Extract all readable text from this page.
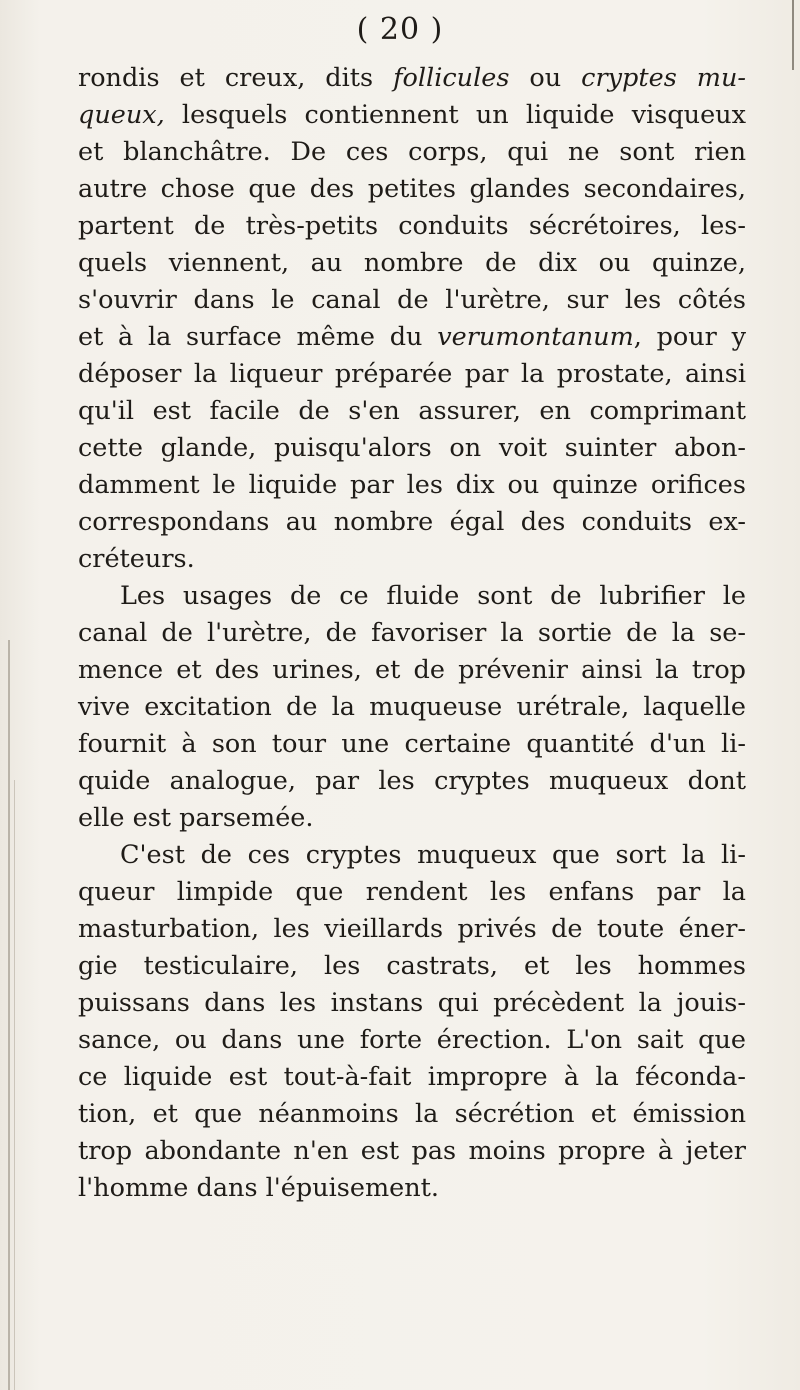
( 20 )
rondis et creux, dits follicules ou cryptes mu-
queux, lesquels contiennent un liquide visqueux
et blanchâtre. De ces corps, qui ne sont rien
autre chose que des petites glandes secondaires,
partent de très-petits conduits sécrétoires, les-
quels viennent, au nombre de dix ou quinze,
s'ouvrir dans le canal de l'urètre, sur les côtés
et à la surface même du verumontanum, pour y
déposer la liqueur préparée par la prostate, ainsi
qu'il est facile de s'en assurer, en comprimant
cette glande, puisqu'alors on voit suinter abon-
damment le liquide par les dix ou quinze orifices
correspondans au nombre égal des conduits ex-
créteurs.
Les usages de ce fluide sont de lubrifier le
canal de l'urètre, de favoriser la sortie de la se-
mence et des urines, et de prévenir ainsi la trop
vive excitation de la muqueuse urétrale, laquelle
fournit à son tour une certaine quantité d'un li-
quide analogue, par les cryptes muqueux dont
elle est parsemée.
C'est de ces cryptes muqueux que sort la li-
queur limpide que rendent les enfans par la
masturbation, les vieillards privés de toute éner-
gie testiculaire, les castrats, et les hommes
puissans dans les instans qui précèdent la jouis-
sance, ou dans une forte érection. L'on sait que
ce liquide est tout-à-fait impropre à la féconda-
tion, et que néanmoins la sécrétion et émission
trop abondante n'en est pas moins propre à jeter
l'homme dans l'épuisement.
